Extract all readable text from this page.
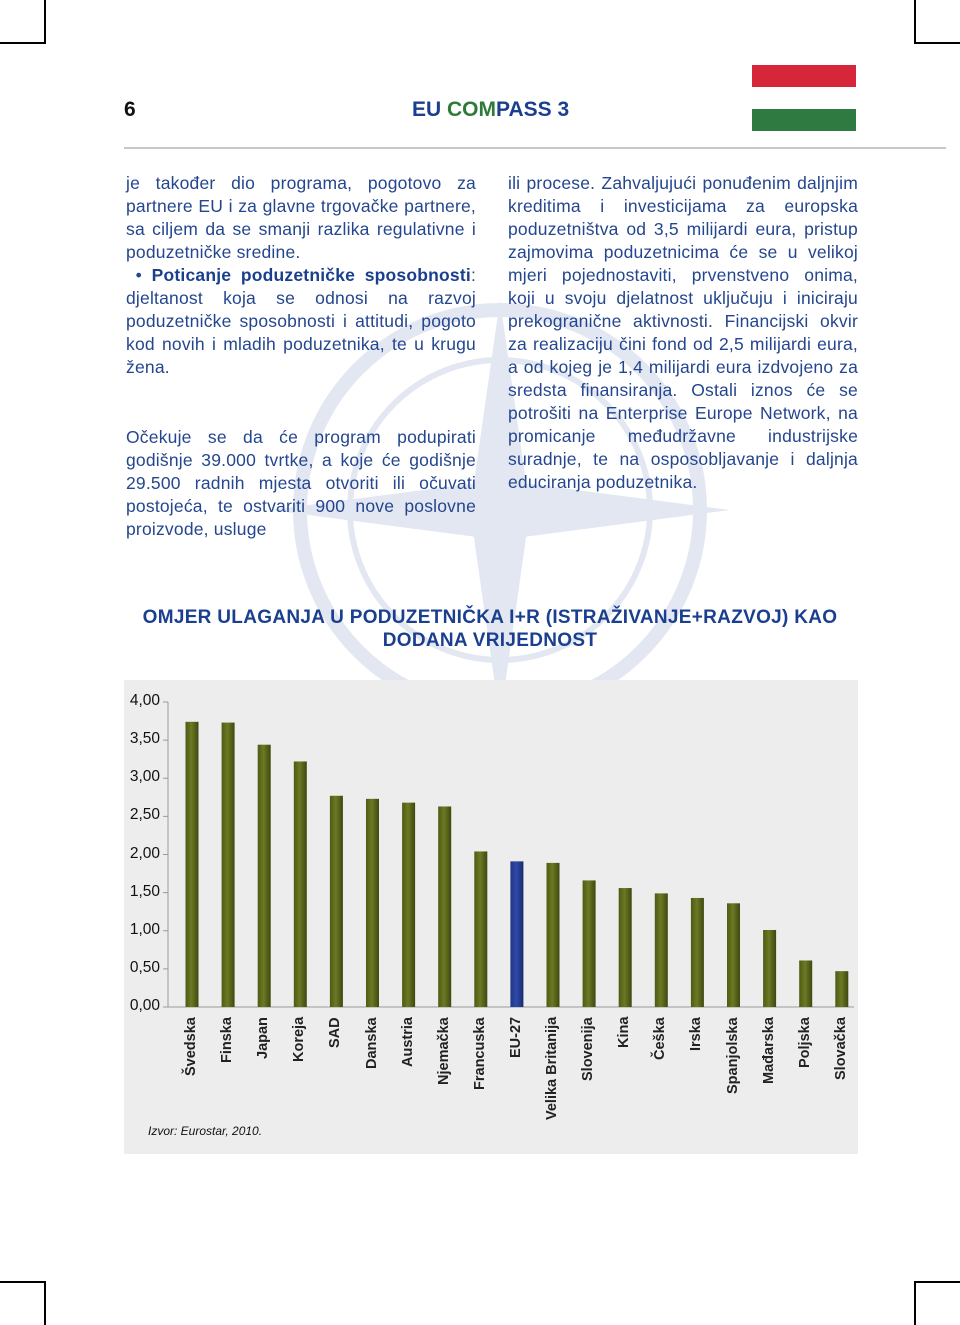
6	EU COMPASS 3

je također dio programa, pogotovo za partnere EU i za glavne trgovačke partnere, sa ciljem da se smanji razlika regulativne i poduzetničke sredine.

• Poticanje poduzetničke sposobnosti: djeltanost koja se odnosi na razvoj poduzetničke sposobnosti i attitudi, pogoto kod novih i mladih poduzetnika, te u krugu žena.

Očekuje se da će program podupirati godišnje 39.000 tvrtke, a koje će godišnje 29.500 radnih mjesta otvoriti ili očuvati postojeća, te ostvariti 900 nove poslovne proizvode, usluge

ili procese. Zahvaljujući ponuđenim daljnjim kreditima i investicijama za europska poduzetništva od 3,5 milijardi eura, pristup zajmovima poduzetnicima će se u velikoj mjeri pojednostaviti, prvenstveno onima, koji u svoju djelatnost uključuju i iniciraju prekogranične aktivnosti. Financijski okvir za realizaciju čini fond od 2,5 milijardi eura, a od kojeg je 1,4 milijardi eura izdvojeno za sredsta finansiranja. Ostali iznos će se potrošiti na Enterprise Europe Network, na promicanje međudržavne industrijske suradnje, te na osposobljavanje i daljnja educiranja poduzetnika.

OMJER ULAGANJA U PODUZETNIČKA I+R (ISTRAŽIVANJE+RAZVOJ) KAO
DODANA VRIJEDNOST
0,00
0,50
1,00
1,50
2,00
2,50
3,00
3,50
4,00
Švedska Finska Japan Koreja SAD Danska Austria Njemačka Francuska EU-27 Velika Britanija Slovenija Kina Češka Irska Spanjolska Mađarska Poljska Slovačka
Izvor: Eurostar, 2010.
